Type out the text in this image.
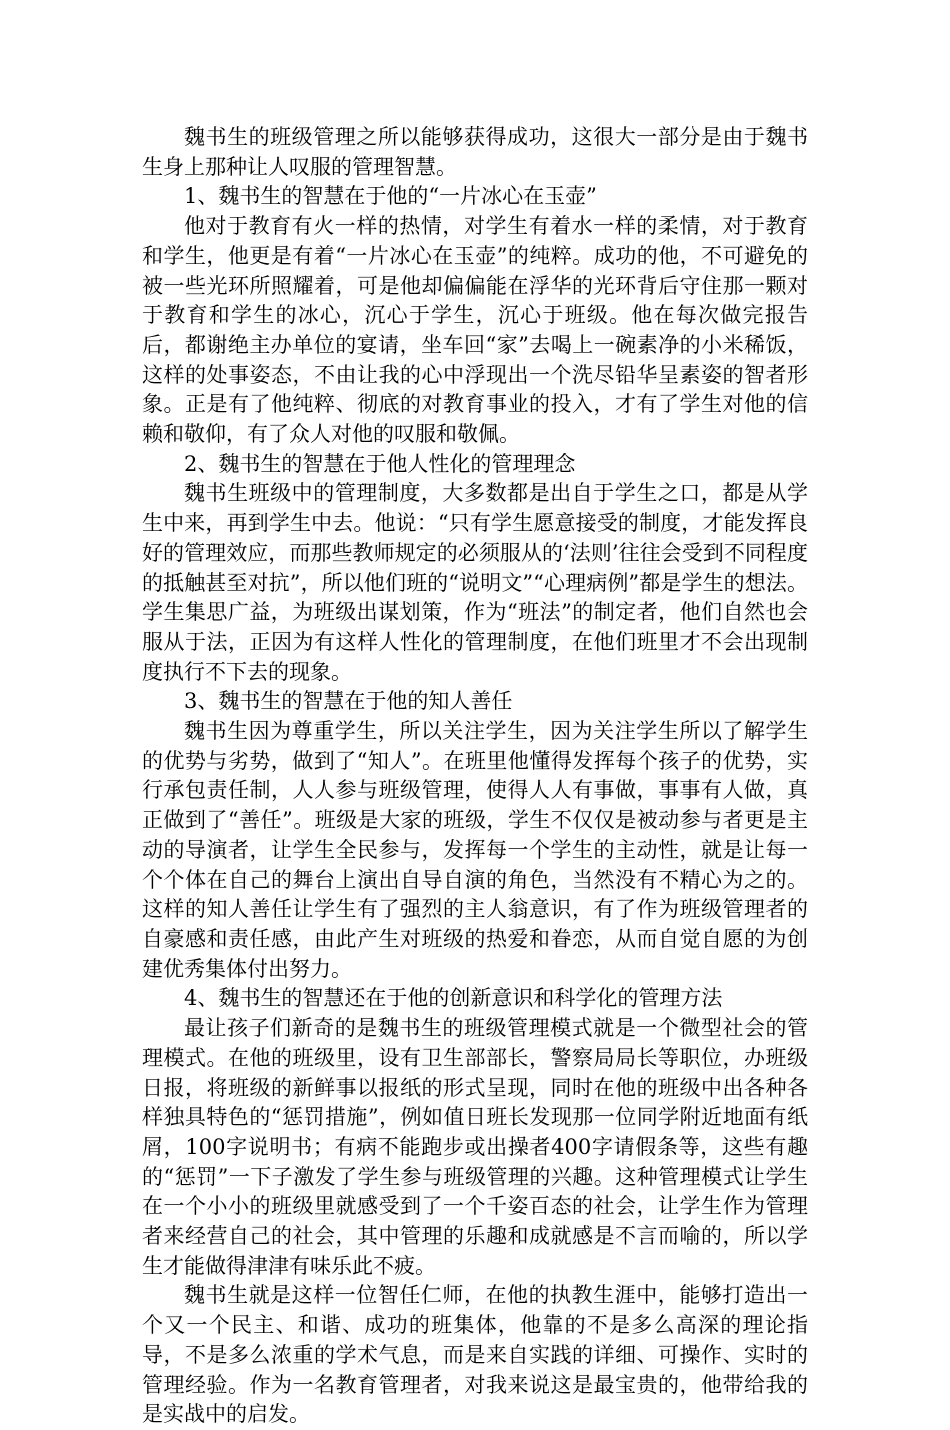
魏书生的班级管理之所以能够获得成功，这很大一部分是由于魏书生身上那种让人叹服的管理智慧。

1、魏书生的智慧在于他的“一片冰心在玉壶”

他对于教育有火一样的热情，对学生有着水一样的柔情，对于教育和学生，他更是有着“一片冰心在玉壶”的纯粹。成功的他，不可避免的被一些光环所照耀着，可是他却偏偏能在浮华的光环背后守住那一颗对于教育和学生的冰心，沉心于学生，沉心于班级。他在每次做完报告后，都谢绝主办单位的宴请，坐车回“家”去喝上一碗素净的小米稀饭，这样的处事姿态，不由让我的心中浮现出一个洗尽铅华呈素姿的智者形象。正是有了他纯粹、彻底的对教育事业的投入，才有了学生对他的信赖和敬仰，有了众人对他的叹服和敬佩。

2、魏书生的智慧在于他人性化的管理理念

魏书生班级中的管理制度，大多数都是出自于学生之口，都是从学生中来，再到学生中去。他说：“只有学生愿意接受的制度，才能发挥良好的管理效应，而那些教师规定的必须服从的‘法则’往往会受到不同程度的抵触甚至对抗”，所以他们班的“说明文”“心理病例”都是学生的想法。学生集思广益，为班级出谋划策，作为“班法”的制定者，他们自然也会服从于法，正因为有这样人性化的管理制度，在他们班里才不会出现制度执行不下去的现象。

3、魏书生的智慧在于他的知人善任

魏书生因为尊重学生，所以关注学生，因为关注学生所以了解学生的优势与劣势，做到了“知人”。在班里他懂得发挥每个孩子的优势，实行承包责任制，人人参与班级管理，使得人人有事做，事事有人做，真正做到了“善任”。班级是大家的班级，学生不仅仅是被动参与者更是主动的导演者，让学生全民参与，发挥每一个学生的主动性，就是让每一个个体在自己的舞台上演出自导自演的角色，当然没有不精心为之的。这样的知人善任让学生有了强烈的主人翁意识，有了作为班级管理者的自豪感和责任感，由此产生对班级的热爱和眷恋，从而自觉自愿的为创建优秀集体付出努力。

4、魏书生的智慧还在于他的创新意识和科学化的管理方法

最让孩子们新奇的是魏书生的班级管理模式就是一个微型社会的管理模式。在他的班级里，设有卫生部部长，警察局局长等职位，办班级日报，将班级的新鲜事以报纸的形式呈现，同时在他的班级中出各种各样独具特色的“惩罚措施”，例如值日班长发现那一位同学附近地面有纸屑，100字说明书；有病不能跑步或出操者400字请假条等，这些有趣的“惩罚”一下子激发了学生参与班级管理的兴趣。这种管理模式让学生在一个小小的班级里就感受到了一个千姿百态的社会，让学生作为管理者来经营自己的社会，其中管理的乐趣和成就感是不言而喻的，所以学生才能做得津津有味乐此不疲。

魏书生就是这样一位智任仁师，在他的执教生涯中，能够打造出一个又一个民主、和谐、成功的班集体，他靠的不是多么高深的理论指导，不是多么浓重的学术气息，而是来自实践的详细、可操作、实时的管理经验。作为一名教育管理者，对我来说这是最宝贵的，他带给我的是实战中的启发。
